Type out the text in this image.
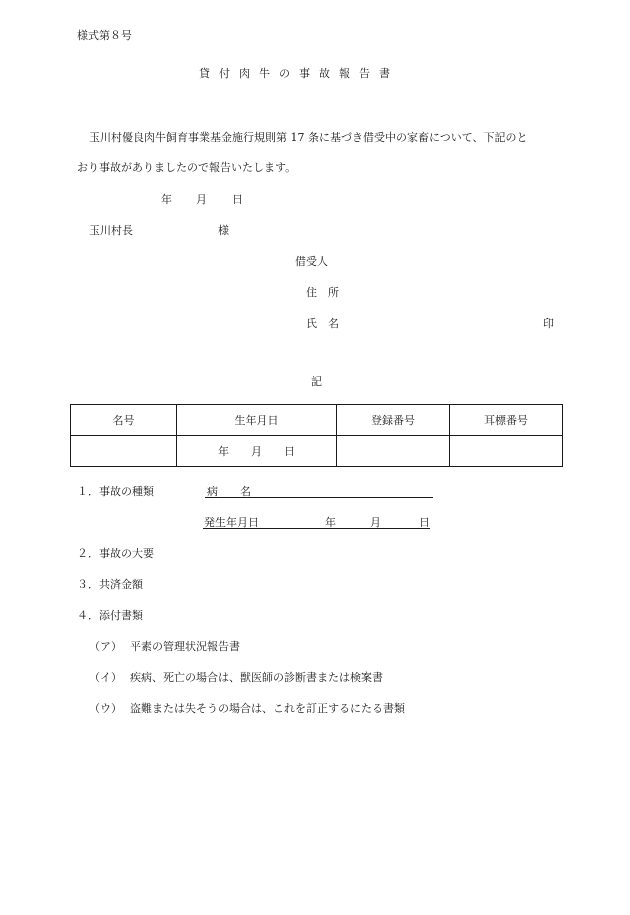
様式第８号
貸付肉牛の事故報告書
玉川村優良肉牛飼育事業基金施行規則第 17 条に基づき借受中の家畜について、下記のと
おり事故がありましたので報告いたします。
年 月 日
玉川村長	様
借受人
住　所
氏　名	印
記
名号	生年月日	登録番号	耳標番号
	年　　月　　日		
１．事故の種類	病　　名
発生年月日	年	月	日
２．事故の大要
３．共済金額
４．添付書類
（ア） 平素の管理状況報告書
（イ） 疾病、死亡の場合は、獣医師の診断書または検案書
（ウ） 盗難または失そうの場合は、これを訂正するにたる書類
